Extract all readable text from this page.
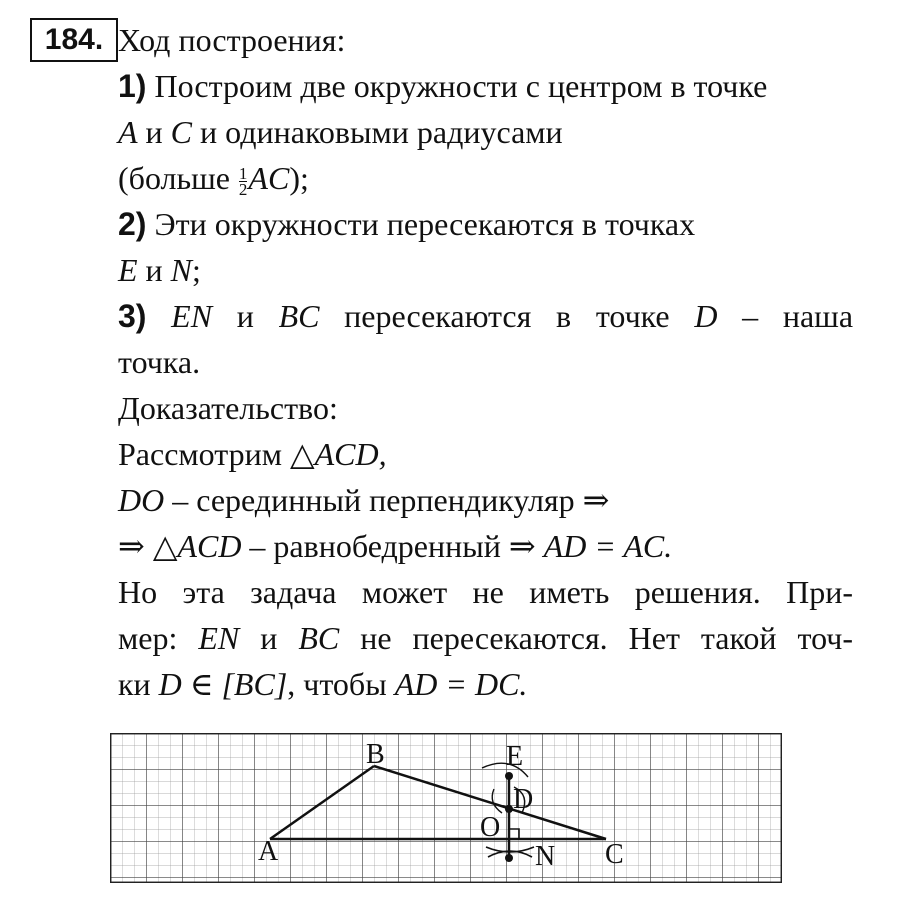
184. Ход построения:
1) Построим две окружности с центром в точке
A и C и одинаковыми радиусами
(больше $\frac{1}{2} AC$);
2) Эти окружности пересекаются в точках
E и N;
3) EN и BC пересекаются в точке D – наша
точка.
Доказательство:
Рассмотрим △ACD,
DO – серединный перпендикуляр ⇒
⇒ △ACD – равнобедренный ⇒ AD = AC.
Но эта задача может не иметь решения. При-
мер: EN и BC не пересекаются. Нет такой точ-
ки D ∈ [BC], чтобы AD = DC.
A
B
C
D
E
N
O
